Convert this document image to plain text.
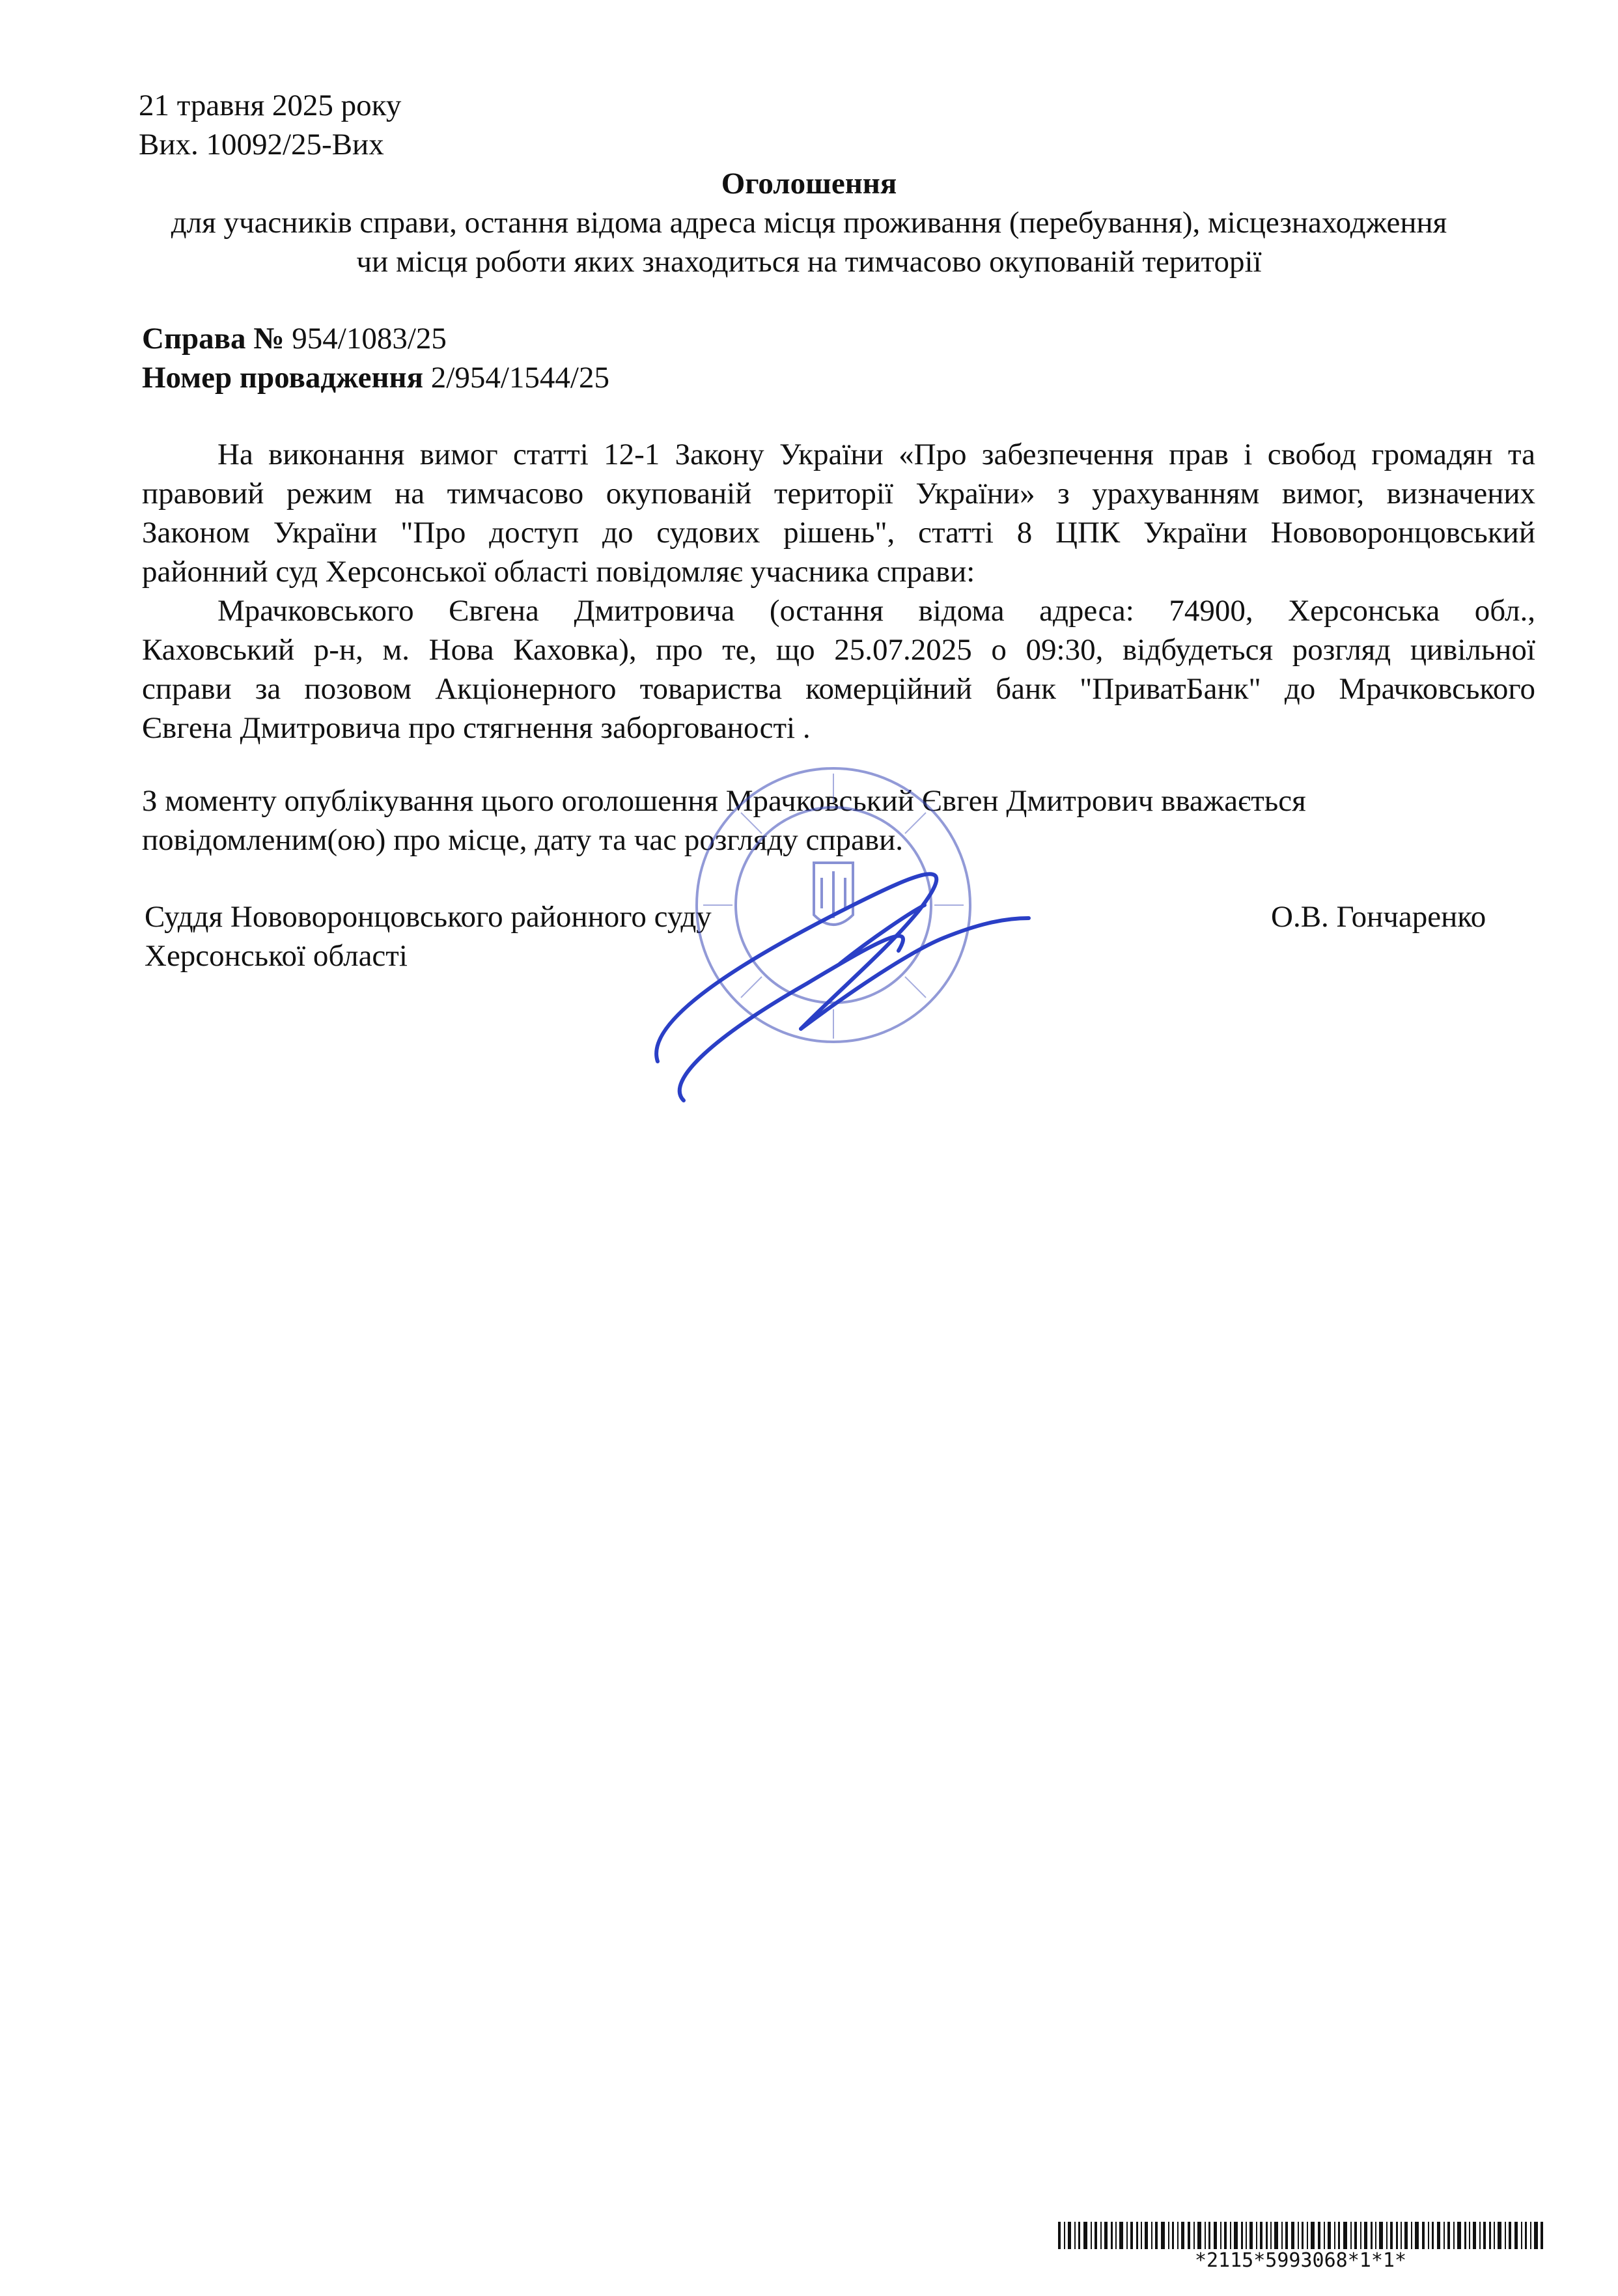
21 травня 2025 року
Вих. 10092/25-Вих
Оголошення
для учасників справи, остання відома адреса місця проживання (перебування), місцезнаходження
чи місця роботи яких знаходиться на тимчасово окупованій території
Справа № 954/1083/25
Номер провадження 2/954/1544/25
На виконання вимог статті 12-1 Закону України «Про забезпечення прав і свобод громадян та
правовий режим на тимчасово окупованій території України» з урахуванням вимог, визначених
Законом України "Про доступ до судових рішень", статті 8 ЦПК України Нововоронцовський
районний суд Херсонської області повідомляє учасника справи:
Мрачковського Євгена Дмитровича (остання відома адреса: 74900, Херсонська обл.,
Каховський р-н, м. Нова Каховка), про те, що 25.07.2025 о 09:30, відбудеться розгляд цивільної
справи за позовом Акціонерного товариства комерційний банк "ПриватБанк" до Мрачковського
Євгена Дмитровича про стягнення заборгованості .
З моменту опублікування цього оголошення Мрачковський Євген Дмитрович вважається
повідомленим(ою) про місце, дату та час розгляду справи.
Суддя Нововоронцовського районного суду
Херсонської області
О.В. Гончаренко
*2115*5993068*1*1*
